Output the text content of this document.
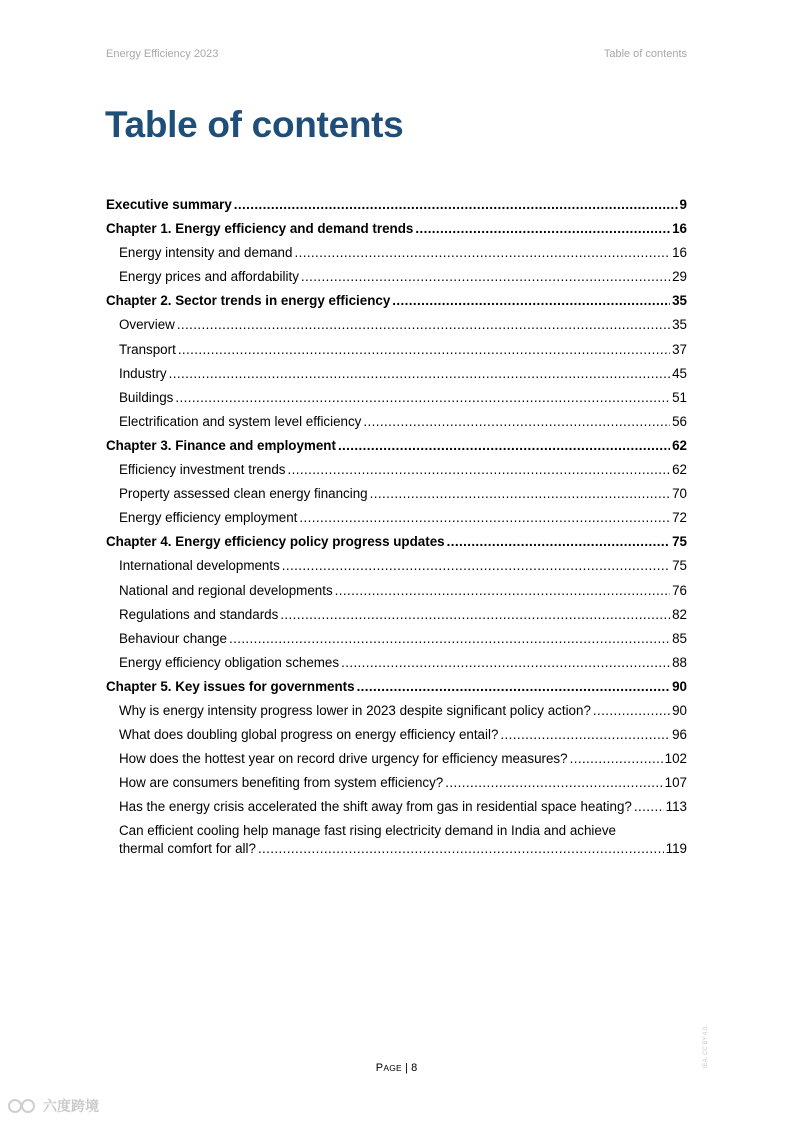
Energy Efficiency 2023	Table of contents
Table of contents
Executive summary .....	9
Chapter 1. Energy efficiency and demand trends .....	16
Energy intensity and demand .....	16
Energy prices and affordability .....	29
Chapter 2. Sector trends in energy efficiency .....	35
Overview .....	35
Transport .....	37
Industry .....	45
Buildings .....	51
Electrification and system level efficiency .....	56
Chapter 3. Finance and employment .....	62
Efficiency investment trends .....	62
Property assessed clean energy financing .....	70
Energy efficiency employment .....	72
Chapter 4. Energy efficiency policy progress updates .....	75
International developments .....	75
National and regional developments .....	76
Regulations and standards .....	82
Behaviour change .....	85
Energy efficiency obligation schemes .....	88
Chapter 5. Key issues for governments .....	90
Why is energy intensity progress lower in 2023 despite significant policy action? .....	90
What does doubling global progress on energy efficiency entail? .....	96
How does the hottest year on record drive urgency for efficiency measures? .....	102
How are consumers benefiting from system efficiency? .....	107
Has the energy crisis accelerated the shift away from gas in residential space heating? .....	113
Can efficient cooling help manage fast rising electricity demand in India and achieve
thermal comfort for all? .....	119
PAGE | 8	IEA. CC BY 4.0.
六度跨境
